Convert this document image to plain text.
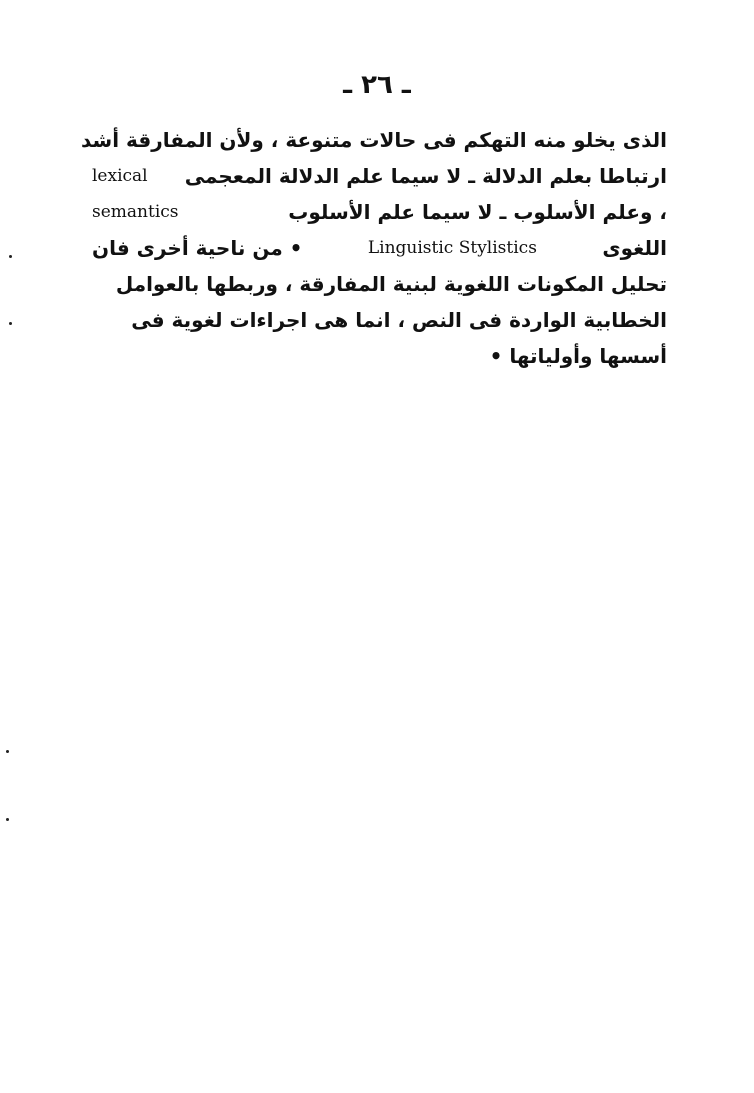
ـ ٢٦ ـ
الذى يخلو منه التهكم فى حالات متنوعة ، ولأن المفارقة أشد
ارتباطا بعلم الدلالة ـ لا سيما علم الدلالة المعجمى
lexical
، وعلم الأسلوب ـ لا سيما علم الأسلوب
semantics
اللغوى
Linguistic Stylistics
• من ناحية أخرى فان
تحليل المكونات اللغوية لبنية المفارقة ، وربطها بالعوامل
الخطابية الواردة فى النص ، انما هى اجراءات لغوية فى
أسسها وأولياتها •
